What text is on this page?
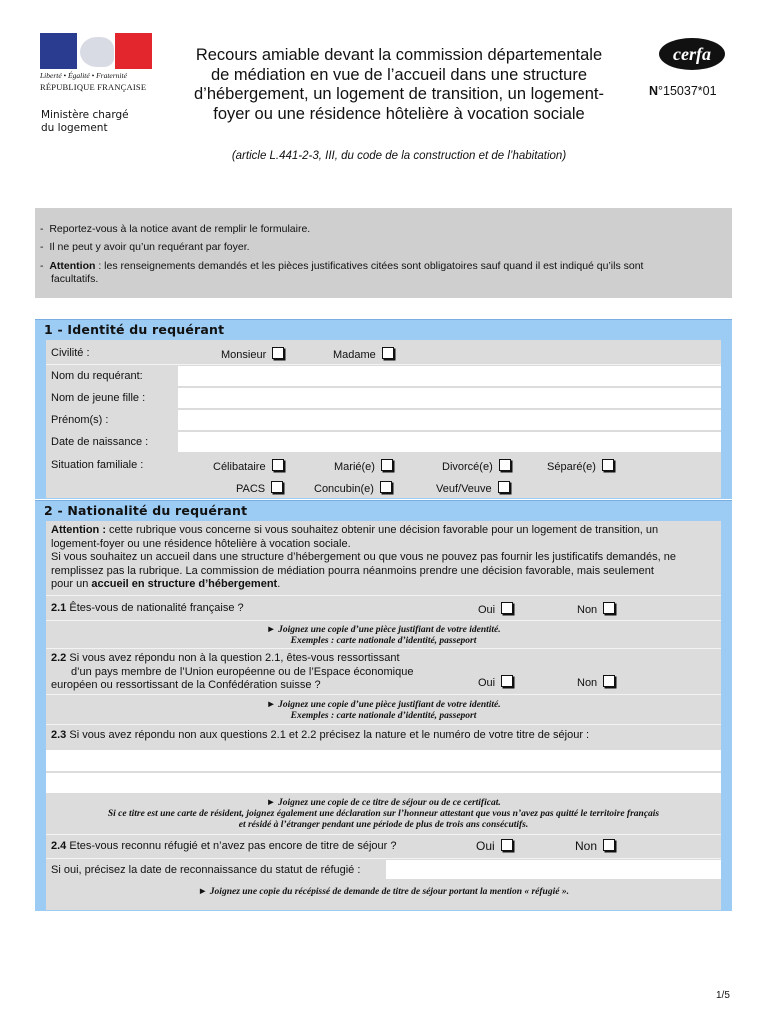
Liberté • Égalité • Fraternité
RÉPUBLIQUE FRANÇAISE
Ministère chargé
du logement
Recours amiable devant la commission départementale
de médiation en vue de l’accueil dans une structure
d’hébergement, un logement de transition, un logement-
foyer ou une résidence hôtelière à vocation sociale
cerfa
N°15037*01
(article L.441-2-3, III, du code de la construction et de l’habitation)
- Reportez-vous à la notice avant de remplir le formulaire.
- Il ne peut y avoir qu’un requérant par foyer.
- Attention : les renseignements demandés et les pièces justificatives citées sont obligatoires sauf quand il est indiqué qu’ils sont
facultatifs.
1 - Identité du requérant
Civilité :	Monsieur	Madame
Nom du requérant:
Nom de jeune fille :
Prénom(s) :
Date de naissance :
Situation familiale :	Célibataire	Marié(e)	Divorcé(e)	Séparé(e)
PACS	Concubin(e)	Veuf/Veuve
2 - Nationalité du requérant
Attention : cette rubrique vous concerne si vous souhaitez obtenir une décision favorable pour un logement de transition, un
logement-foyer ou une résidence hôtelière à vocation sociale.
Si vous souhaitez un accueil dans une structure d’hébergement ou que vous ne pouvez pas fournir les justificatifs demandés, ne
remplissez pas la rubrique. La commission de médiation pourra néanmoins prendre une décision favorable, mais seulement
pour un accueil en structure d’hébergement.
2.1 Êtes-vous de nationalité française ?	Oui	Non
► Joignez une copie d’une pièce justifiant de votre identité.
Exemples : carte nationale d’identité, passeport
2.2 Si vous avez répondu non à la question 2.1, êtes-vous ressortissant
d’un pays membre de l’Union européenne ou de l’Espace économique
européen ou ressortissant de la Confédération suisse ?	Oui	Non
► Joignez une copie d’une pièce justifiant de votre identité.
Exemples : carte nationale d’identité, passeport
2.3 Si vous avez répondu non aux questions 2.1 et 2.2 précisez la nature et le numéro de votre titre de séjour :
► Joignez une copie de ce titre de séjour ou de ce certificat.
Si ce titre est une carte de résident, joignez également une déclaration sur l’honneur attestant que vous n’avez pas quitté le territoire français
et résidé à l’étranger pendant une période de plus de trois ans consécutifs.
2.4 Etes-vous reconnu réfugié et n’avez pas encore de titre de séjour ?	Oui	Non
Si oui, précisez la date de reconnaissance du statut de réfugié :
► Joignez une copie du récépissé de demande de titre de séjour portant la mention « réfugié ».
1/5
